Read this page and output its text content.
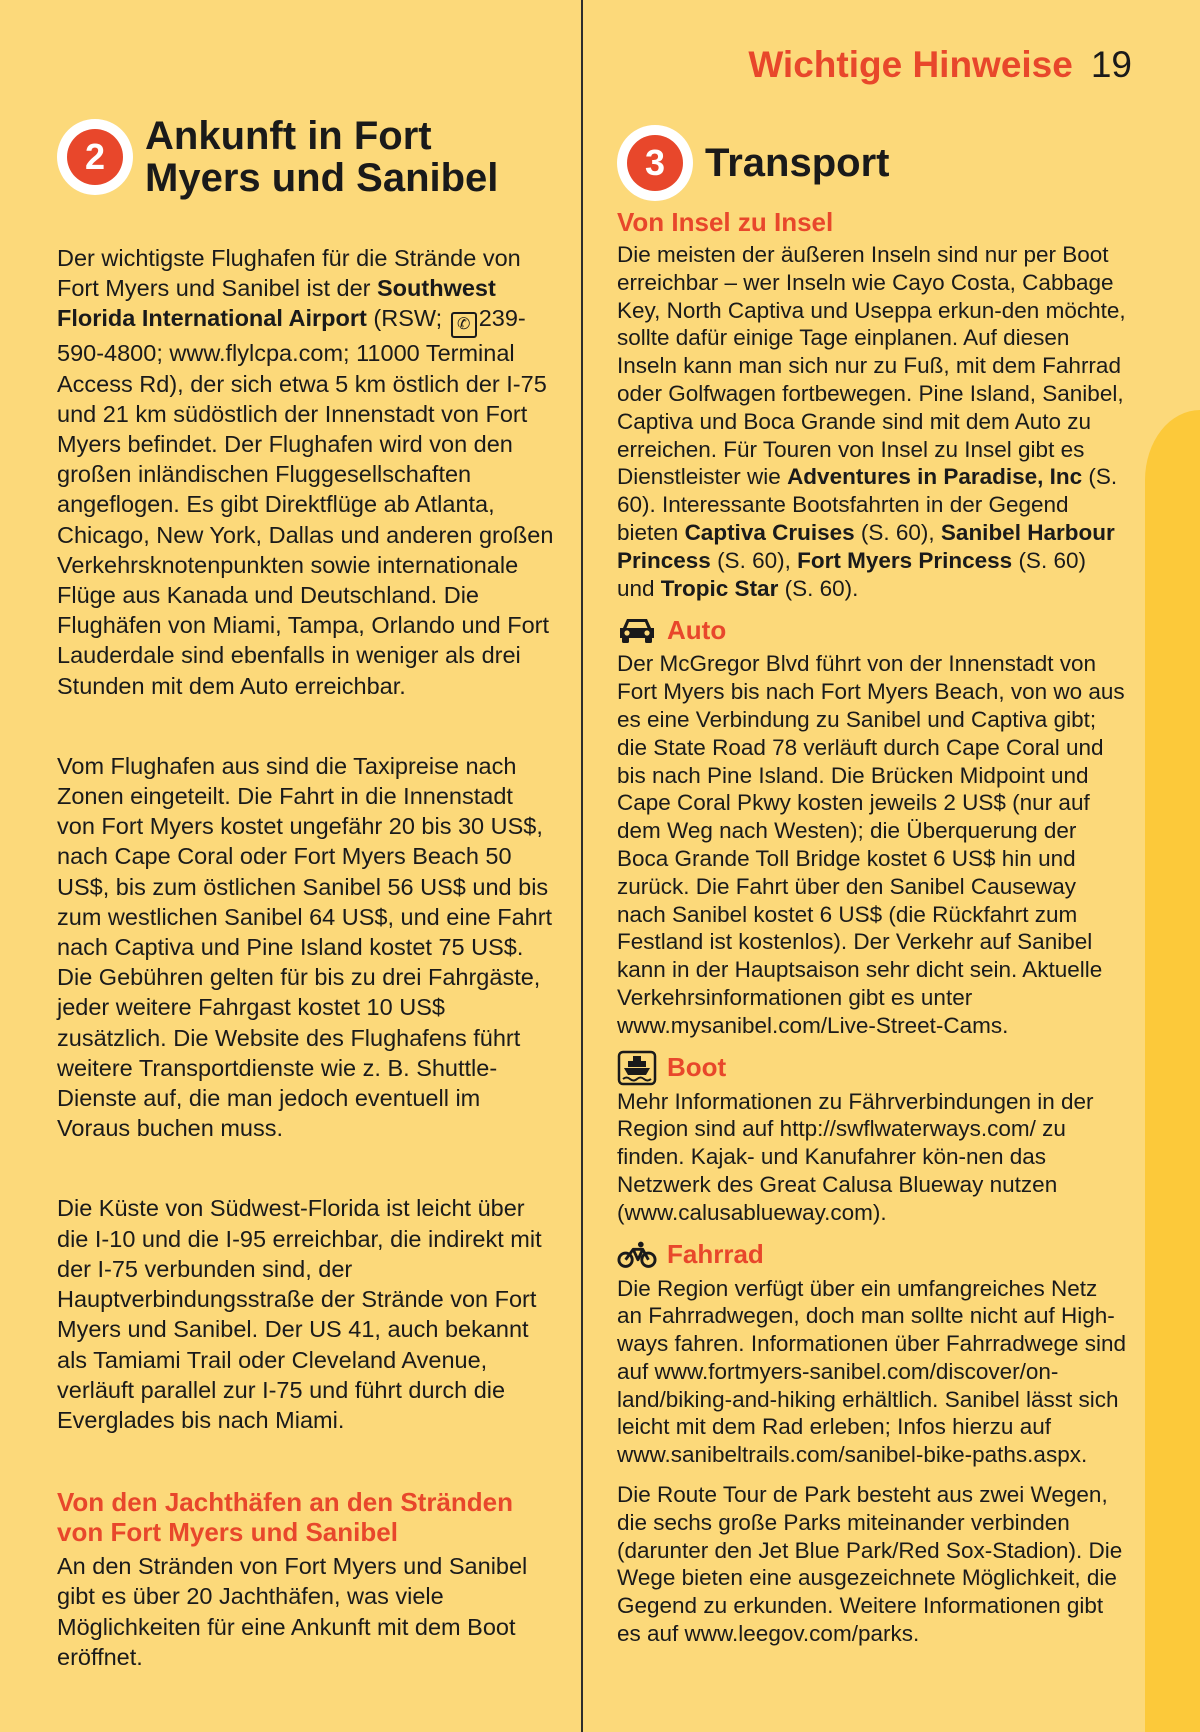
Wichtige Hinweise 19
2 Ankunft in Fort
Myers und Sanibel

Der wichtigste Flughafen für die Strände von Fort Myers und Sanibel ist der Southwest Florida International Airport (RSW; ✆ 239-590-4800; www.flylcpa.com; 11000 Terminal Access Rd), der sich etwa 5 km östlich der I-75 und 21 km südöstlich der Innenstadt von Fort Myers befindet. Der Flughafen wird von den großen inländischen Fluggesellschaften angeflogen. Es gibt Direktflüge ab Atlanta, Chicago, New York, Dallas und anderen großen Verkehrsknotenpunkten sowie internationale Flüge aus Kanada und Deutschland. Die Flughäfen von Miami, Tampa, Orlando und Fort Lauderdale sind ebenfalls in weniger als drei Stunden mit dem Auto erreichbar.

Vom Flughafen aus sind die Taxipreise nach Zonen eingeteilt. Die Fahrt in die Innenstadt von Fort Myers kostet ungefähr 20 bis 30 US$, nach Cape Coral oder Fort Myers Beach 50 US$, bis zum östlichen Sanibel 56 US$ und bis zum westlichen Sanibel 64 US$, und eine Fahrt nach Captiva und Pine Island kostet 75 US$. Die Gebühren gelten für bis zu drei Fahrgäste, jeder weitere Fahrgast kostet 10 US$ zusätzlich. Die Website des Flughafens führt weitere Transportdienste wie z. B. Shuttle-Dienste auf, die man jedoch eventuell im Voraus buchen muss.

Die Küste von Südwest-Florida ist leicht über die I-10 und die I-95 erreichbar, die indirekt mit der I-75 verbunden sind, der Hauptverbindungsstraße der Strände von Fort Myers und Sanibel. Der US 41, auch bekannt als Tamiami Trail oder Cleveland Avenue, verläuft parallel zur I-75 und führt durch die Everglades bis nach Miami.

Von den Jachthäfen an den Stränden von Fort Myers und Sanibel

An den Stränden von Fort Myers und Sanibel gibt es über 20 Jachthäfen, was viele Möglichkeiten für eine Ankunft mit dem Boot eröffnet.

3 Transport
Von Insel zu Insel

Die meisten der äußeren Inseln sind nur per Boot erreichbar – wer Inseln wie Cayo Costa, Cabbage Key, North Captiva und Useppa erkun-den möchte, sollte dafür einige Tage einplanen. Auf diesen Inseln kann man sich nur zu Fuß, mit dem Fahrrad oder Golfwagen fortbewegen. Pine Island, Sanibel, Captiva und Boca Grande sind mit dem Auto zu erreichen. Für Touren von Insel zu Insel gibt es Dienstleister wie Adventures in Paradise, Inc (S. 60). Interessante Bootsfahrten in der Gegend bieten Captiva Cruises (S. 60), Sanibel Harbour Princess (S. 60), Fort Myers Princess (S. 60) und Tropic Star (S. 60).

Auto

Der McGregor Blvd führt von der Innenstadt von Fort Myers bis nach Fort Myers Beach, von wo aus es eine Verbindung zu Sanibel und Captiva gibt; die State Road 78 verläuft durch Cape Coral und bis nach Pine Island. Die Brücken Midpoint und Cape Coral Pkwy kosten jeweils 2 US$ (nur auf dem Weg nach Westen); die Überquerung der Boca Grande Toll Bridge kostet 6 US$ hin und zurück. Die Fahrt über den Sanibel Causeway nach Sanibel kostet 6 US$ (die Rückfahrt zum Festland ist kostenlos). Der Verkehr auf Sanibel kann in der Hauptsaison sehr dicht sein. Aktuelle Verkehrsinformationen gibt es unter www.mysanibel.com/Live-Street-Cams.

Boot

Mehr Informationen zu Fährverbindungen in der Region sind auf http://swflwaterways.com/ zu finden. Kajak- und Kanufahrer kön-nen das Netzwerk des Great Calusa Blueway nutzen (www.calusablueway.com).

Fahrrad

Die Region verfügt über ein umfangreiches Netz an Fahrradwegen, doch man sollte nicht auf High-ways fahren. Informationen über Fahrradwege sind auf www.fortmyers-sanibel.com/discover/on-land/biking-and-hiking erhältlich. Sanibel lässt sich leicht mit dem Rad erleben; Infos hierzu auf www.sanibeltrails.com/sanibel-bike-paths.aspx.

Die Route Tour de Park besteht aus zwei Wegen, die sechs große Parks miteinander verbinden (darunter den Jet Blue Park/Red Sox-Stadion). Die Wege bieten eine ausgezeichnete Möglichkeit, die Gegend zu erkunden. Weitere Informationen gibt es auf www.leegov.com/parks.
